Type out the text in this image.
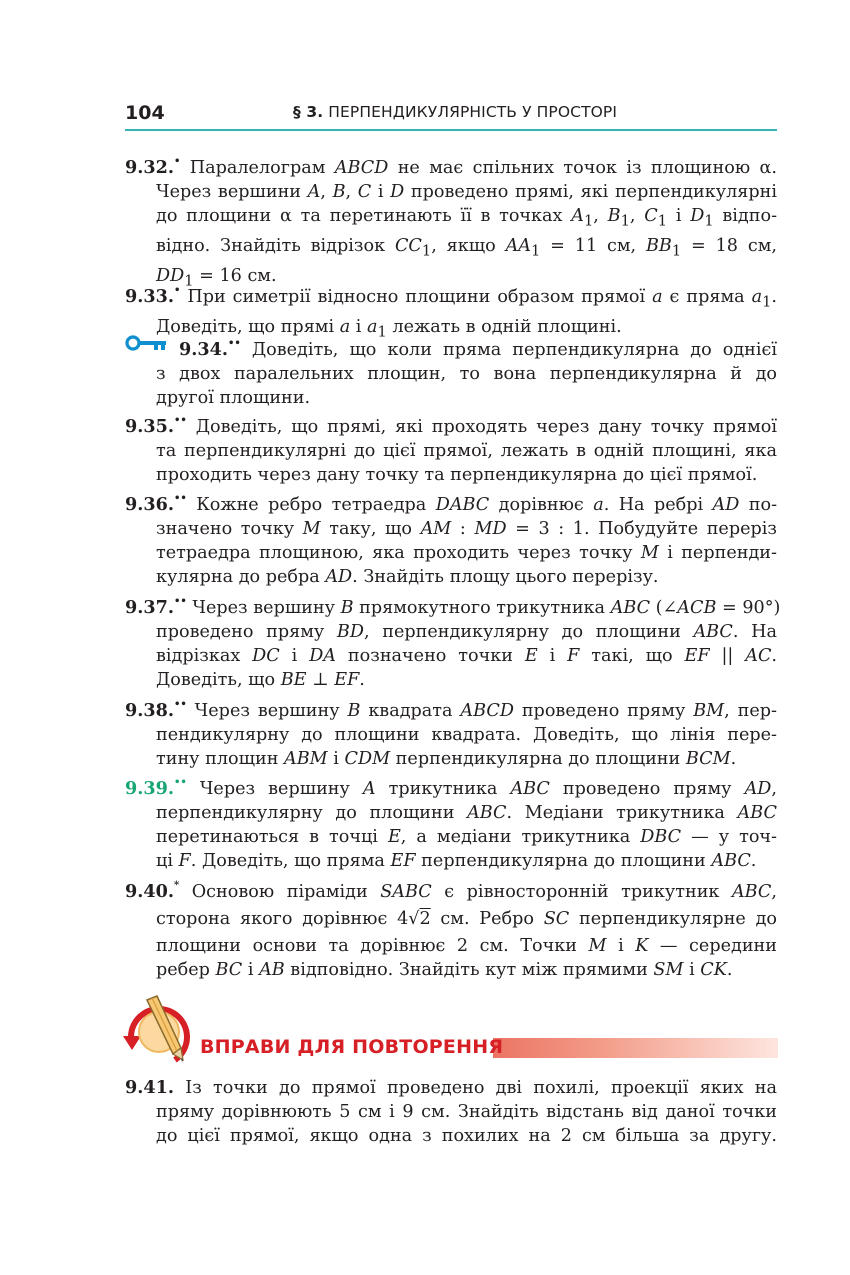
104	§ 3. ПЕРПЕНДИКУЛЯРНІСТЬ У ПРОСТОРІ
9.32.• Паралелограм ABCD не має спільних точок із площиною α.
Через вершини A, B, C і D проведено прямі, які перпендикулярні
до площини α та перетинають її в точках $A_1$, $B_1$, $C_1$ і $D_1$ відпо-
відно. Знайдіть відрізок $CC_1$, якщо $AA_1 = 11$ см, $BB_1 = 18$ см,
$DD_1 = 16$ см.
9.33.• При симетрії відносно площини образом прямої a є пряма $a_1$.
Доведіть, що прямі a і $a_1$ лежать в одній площині.
9.34.•• Доведіть, що коли пряма перпендикулярна до однієї
з двох паралельних площин, то вона перпендикулярна й до
другої площини.
9.35.•• Доведіть, що прямі, які проходять через дану точку прямої
та перпендикулярні до цієї прямої, лежать в одній площині, яка
проходить через дану точку та перпендикулярна до цієї прямої.
9.36.•• Кожне ребро тетраедра DABC дорівнює a. На ребрі AD по-
значено точку M таку, що AM : MD = 3 : 1. Побудуйте переріз
тетраедра площиною, яка проходить через точку M і перпенди-
кулярна до ребра AD. Знайдіть площу цього перерізу.
9.37.•• Через вершину B прямокутного трикутника ABC (∠ACB = 90°)
проведено пряму BD, перпендикулярну до площини ABC. На
відрізках DC і DA позначено точки E і F такі, що EF || AC.
Доведіть, що BE ⊥ EF.
9.38.•• Через вершину B квадрата ABCD проведено пряму BM, пер-
пендикулярну до площини квадрата. Доведіть, що лінія пере-
тину площин ABM і CDM перпендикулярна до площини BCM.
9.39.•• Через вершину A трикутника ABC проведено пряму AD,
перпендикулярну до площини ABC. Медіани трикутника ABC
перетинаються в точці E, а медіани трикутника DBC — у точ-
ці F. Доведіть, що пряма EF перпендикулярна до площини ABC.
9.40.* Основою піраміди SABC є рівносторонній трикутник ABC,
сторона якого дорівнює 4√2 см. Ребро SC перпендикулярне до
площини основи та дорівнює 2 см. Точки M і K — середини
ребер BC і AB відповідно. Знайдіть кут між прямими SM і CK.
ВПРАВИ ДЛЯ ПОВТОРЕННЯ
9.41. Із точки до прямої проведено дві похилі, проекції яких на
пряму дорівнюють 5 см і 9 см. Знайдіть відстань від даної точки
до цієї прямої, якщо одна з похилих на 2 см більша за другу.
